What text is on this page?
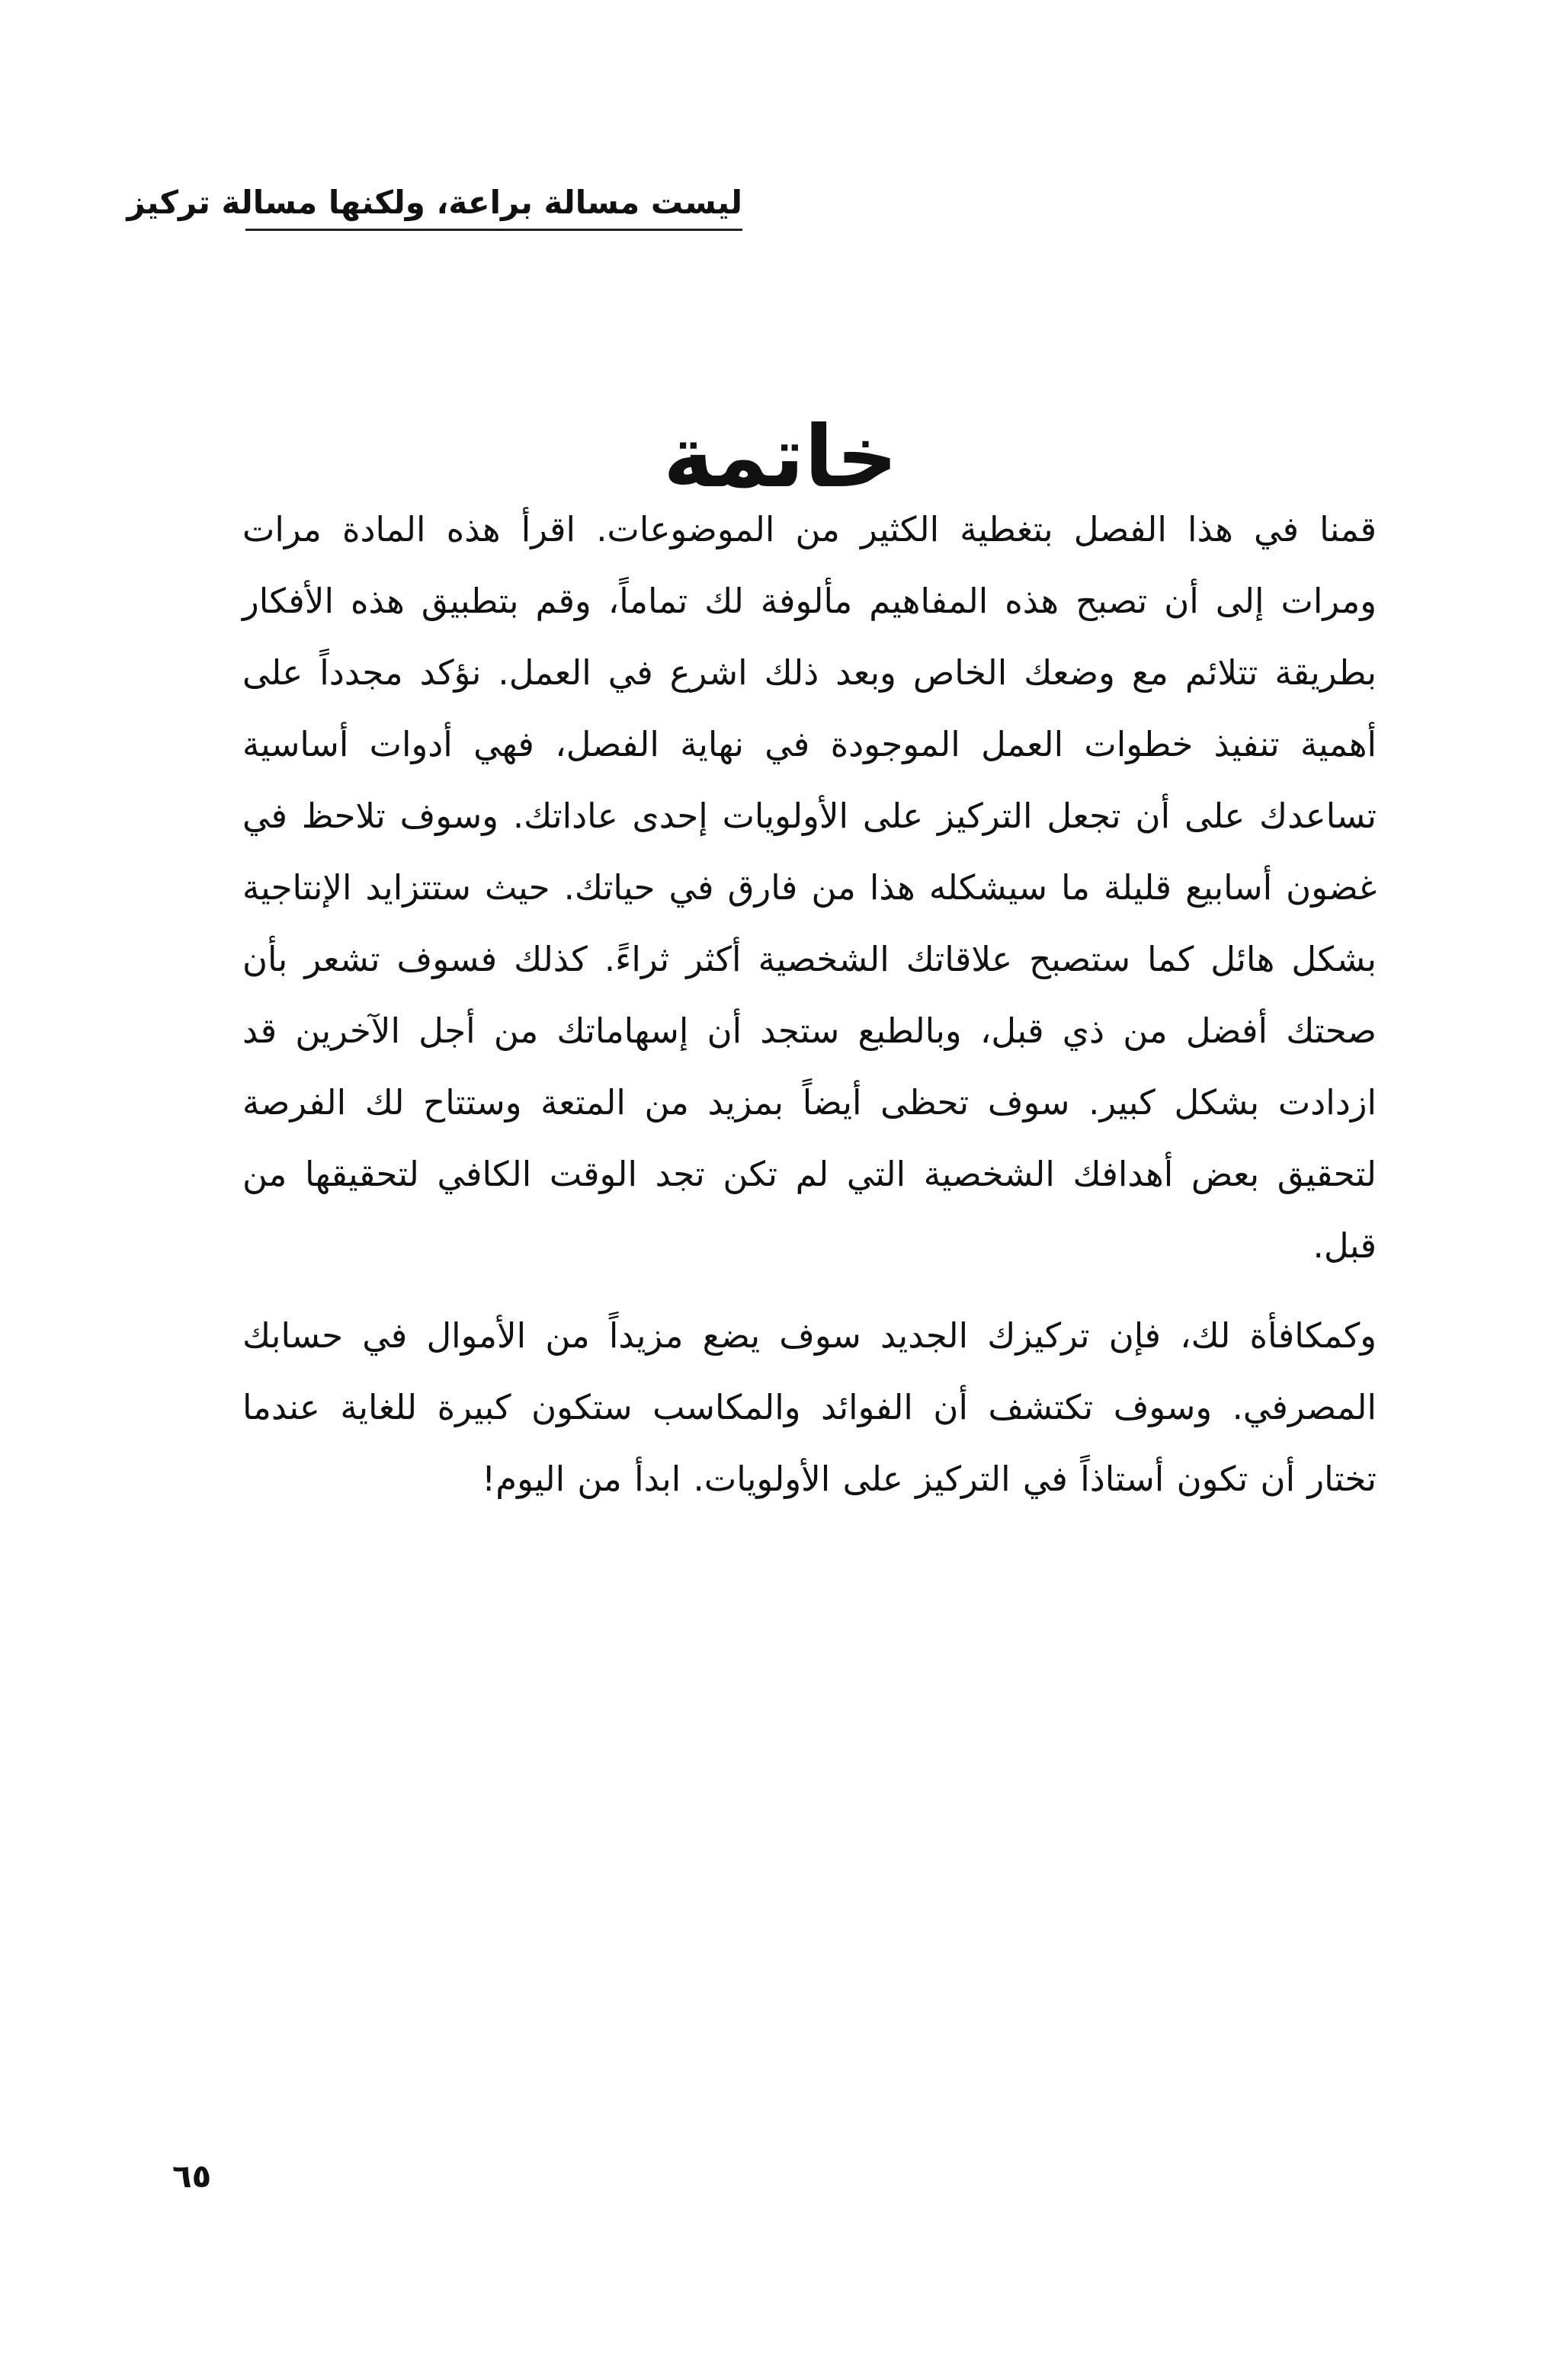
ليست مسالة براعة، ولكنها مسالة تركيز
خاتمة

قمنا في هذا الفصل بتغطية الكثير من الموضوعات. اقرأ هذه المادة مرات ومرات إلى أن تصبح هذه المفاهيم مألوفة لك تماماً، وقم بتطبيق هذه الأفكار بطريقة تتلائم مع وضعك الخاص وبعد ذلك اشرع في العمل. نؤكد مجدداً على أهمية تنفيذ خطوات العمل الموجودة في نهاية الفصل، فهي أدوات أساسية تساعدك على أن تجعل التركيز على الأولويات إحدى عاداتك. وسوف تلاحظ في غضون أسابيع قليلة ما سيشكله هذا من فارق في حياتك. حيث ستتزايد الإنتاجية بشكل هائل كما ستصبح علاقاتك الشخصية أكثر ثراءً. كذلك فسوف تشعر بأن صحتك أفضل من ذي قبل، وبالطبع ستجد أن إسهاماتك من أجل الآخرين قد ازدادت بشكل كبير. سوف تحظى أيضاً بمزيد من المتعة وستتاح لك الفرصة لتحقيق بعض أهدافك الشخصية التي لم تكن تجد الوقت الكافي لتحقيقها من قبل.

وكمكافأة لك، فإن تركيزك الجديد سوف يضع مزيداً من الأموال في حسابك المصرفي. وسوف تكتشف أن الفوائد والمكاسب ستكون كبيرة للغاية عندما تختار أن تكون أستاذاً في التركيز على الأولويات. ابدأ من اليوم!

٦٥
